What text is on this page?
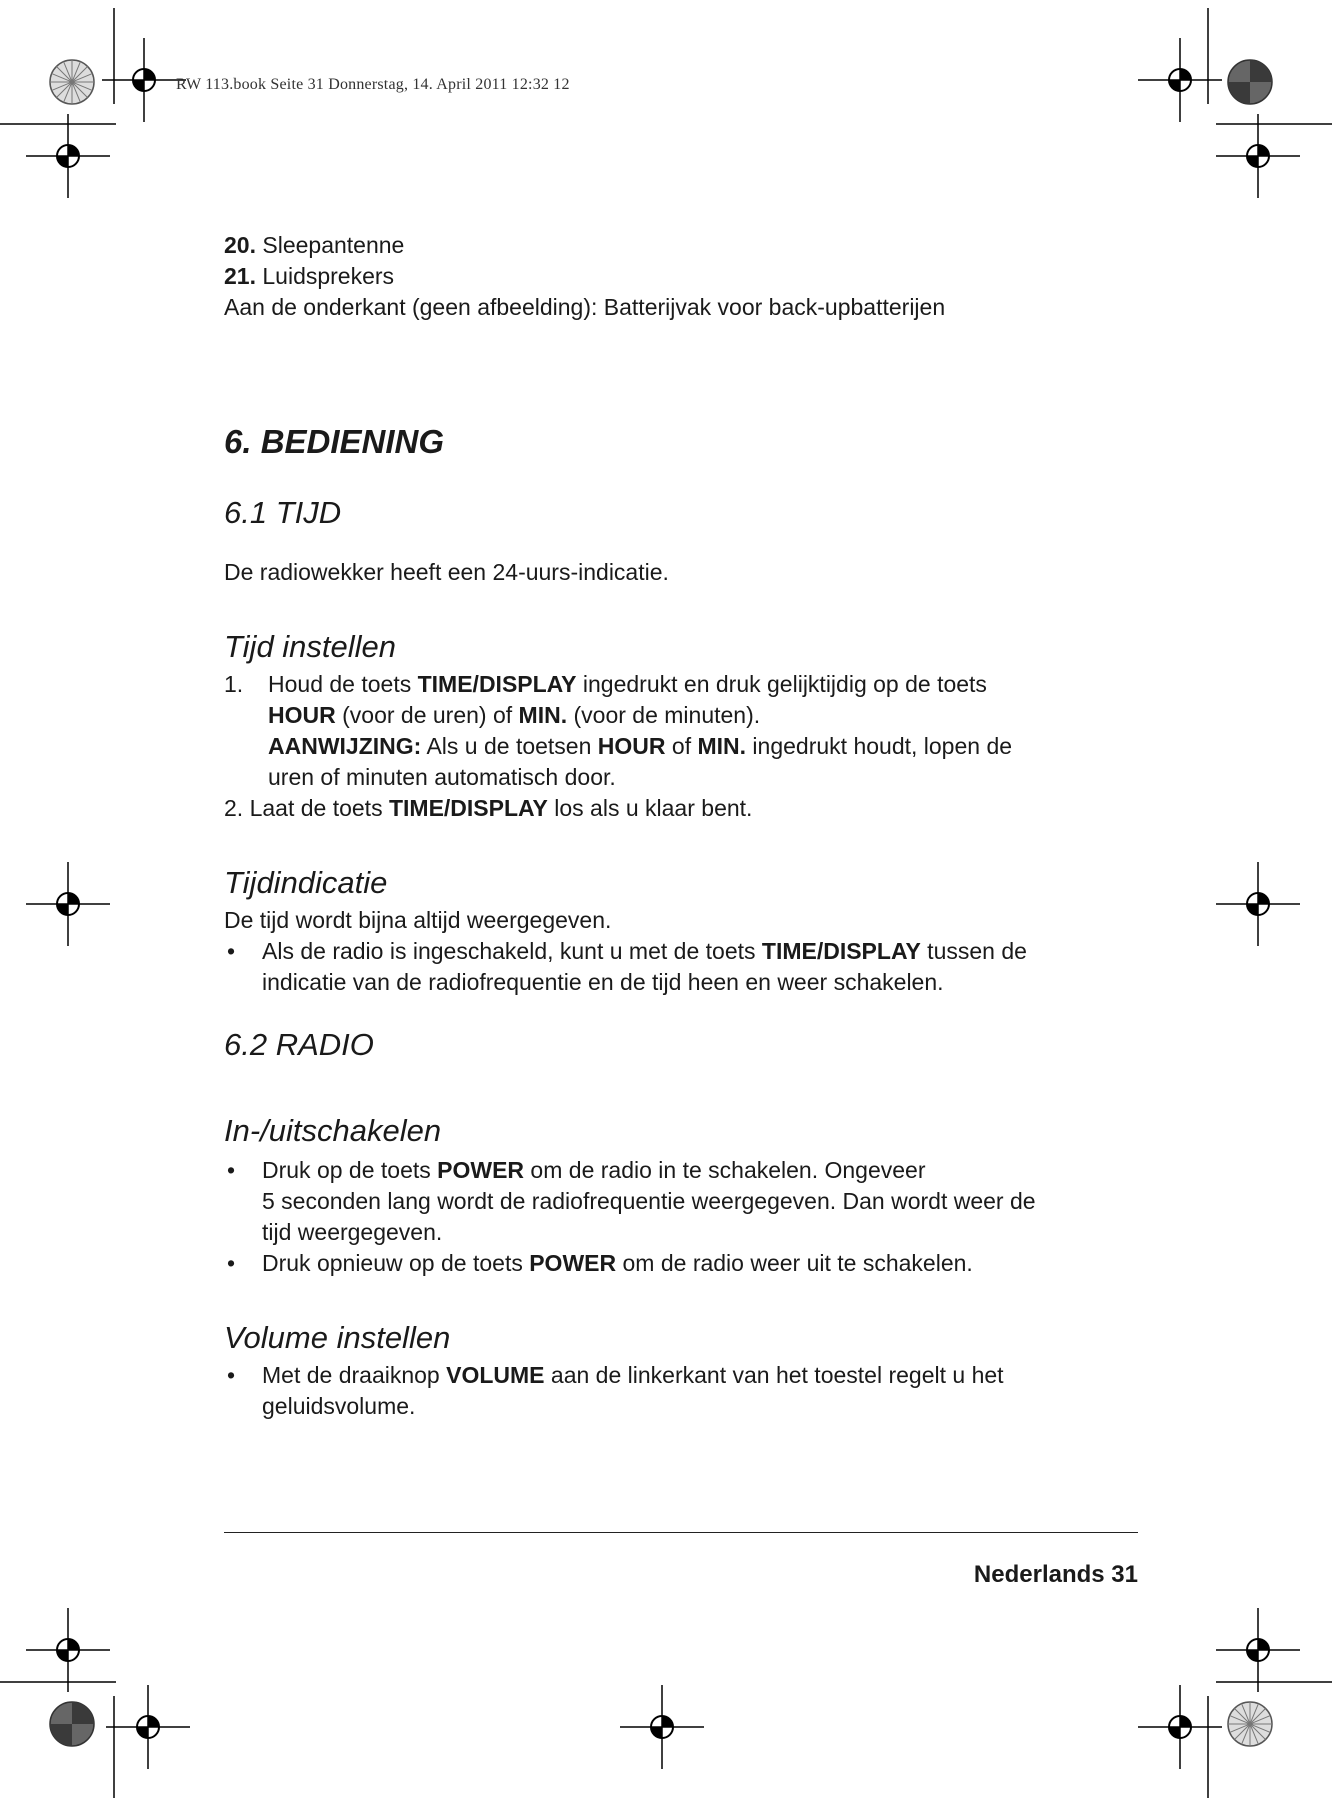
RW 113.book Seite 31 Donnerstag, 14. April 2011 12:32 12

20. Sleepantenne

21. Luidsprekers

Aan de onderkant (geen afbeelding): Batterijvak voor back-upbatterijen

6. BEDIENING
6.1 TIJD

De radiowekker heeft een 24-uurs-indicatie.

Tijd instellen
1. Houd de toets TIME/DISPLAY ingedrukt en druk gelijktijdig op de toets
HOUR (voor de uren) of MIN. (voor de minuten).
AANWIJZING: Als u de toetsen HOUR of MIN. ingedrukt houdt, lopen de
uren of minuten automatisch door.

2. Laat de toets TIME/DISPLAY los als u klaar bent.

Tijdindicatie

De tijd wordt bijna altijd weergegeven.

• Als de radio is ingeschakeld, kunt u met de toets TIME/DISPLAY tussen de
indicatie van de radiofrequentie en de tijd heen en weer schakelen.
6.2 RADIO
In-/uitschakelen
• Druk op de toets POWER om de radio in te schakelen. Ongeveer
5 seconden lang wordt de radiofrequentie weergegeven. Dan wordt weer de
tijd weergegeven.
• Druk opnieuw op de toets POWER om de radio weer uit te schakelen.
Volume instellen
• Met de draaiknop VOLUME aan de linkerkant van het toestel regelt u het
geluidsvolume.
Nederlands 31
